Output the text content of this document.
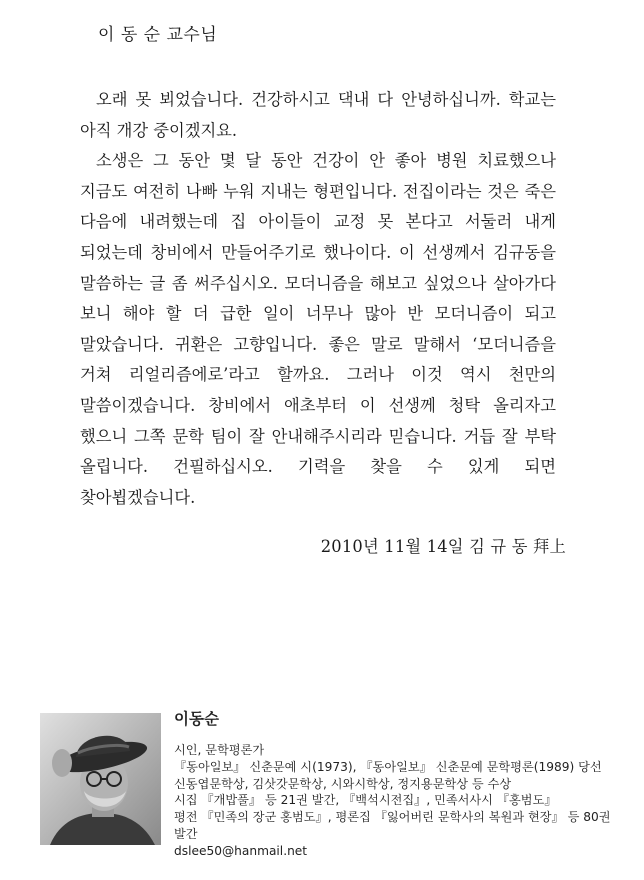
이 동 순 교수님

오래 못 뵈었습니다. 건강하시고 댁내 다 안녕하십니까. 학교는 아직 개강 중이겠지요.

소생은 그 동안 몇 달 동안 건강이 안 좋아 병원 치료했으나 지금도 여전히 나빠 누워 지내는 형편입니다. 전집이라는 것은 죽은 다음에 내려했는데 집 아이들이 교정 못 본다고 서둘러 내게 되었는데 창비에서 만들어주기로 했나이다. 이 선생께서 김규동을 말씀하는 글 좀 써주십시오. 모더니즘을 해보고 싶었으나 살아가다 보니 해야 할 더 급한 일이 너무나 많아 반 모더니즘이 되고 말았습니다. 귀환은 고향입니다. 좋은 말로 말해서 ‘모더니즘을 거쳐 리얼리즘에로’라고 할까요. 그러나 이것 역시 천만의 말씀이겠습니다. 창비에서 애초부터 이 선생께 청탁 올리자고 했으니 그쪽 문학 팀이 잘 안내해주시리라 믿습니다. 거듭 잘 부탁 올립니다. 건필하십시오. 기력을 찾을 수 있게 되면 찾아뵙겠습니다.

2010년 11월 14일 김 규 동 拜上

이동순

시인, 문학평론가

『동아일보』 신춘문예 시(1973), 『동아일보』 신춘문예 문학평론(1989) 당선

신동엽문학상, 김삿갓문학상, 시와시학상, 정지용문학상 등 수상

시집 『개밥풀』 등 21권 발간, 『백석시전집』, 민족서사시 『홍범도』

평전 『민족의 장군 홍범도』, 평론집 『잃어버린 문학사의 복원과 현장』 등 80권 발간

dslee50@hanmail.net
